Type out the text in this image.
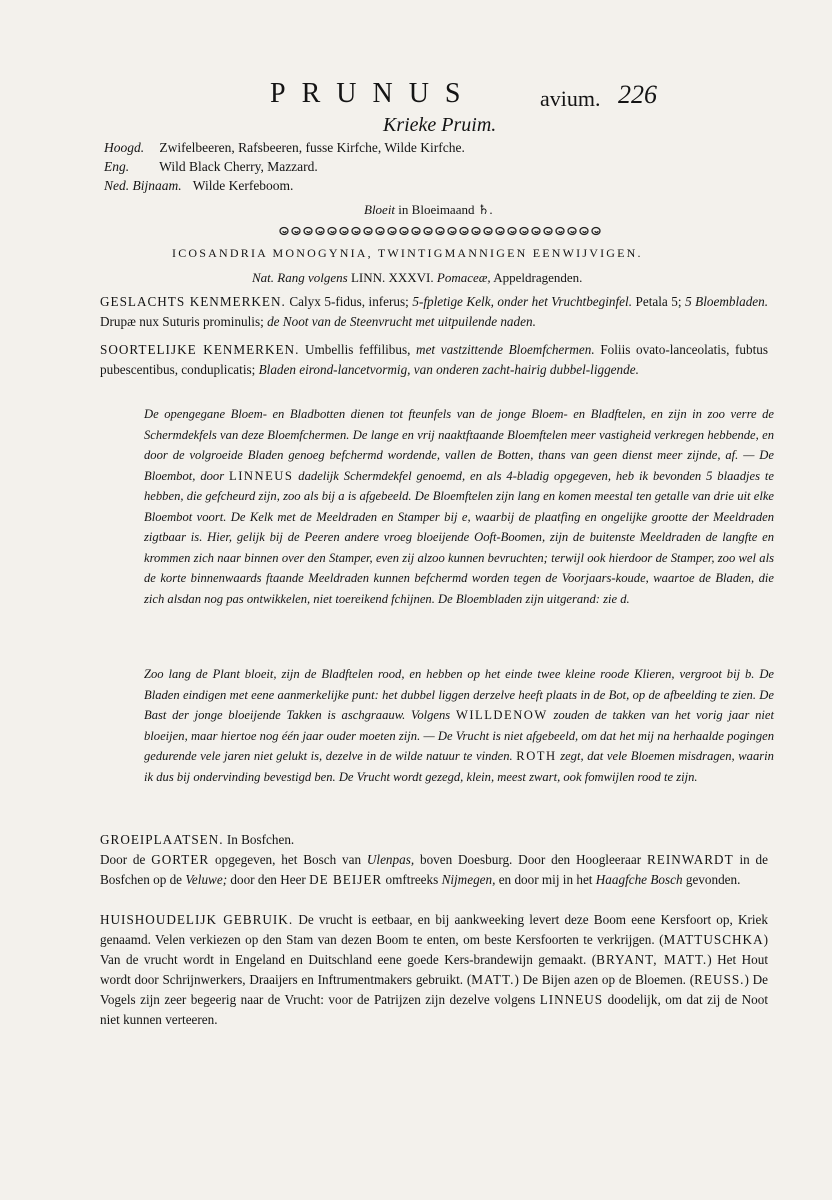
PRUNUS	avium. 226
Krieke Pruim.
Hoogd. Zwifelbeeren, Rafsbeeren, fusse Kirfche, Wilde Kirfche.
Eng. Wild Black Cherry, Mazzard.
Ned. Bijnaam. Wilde Kerfeboom.
Bloeit in Bloeimaand ♄.
ICOSANDRIA MONOGYNIA, TWINTIGMANNIGEN EENWIJVIGEN.
Nat. Rang volgens LINN. XXXVI. Pomaceæ, Appeldragenden.

GESLACHTS KENMERKEN. Calyx 5-fidus, inferus; 5-fpletige Kelk, onder het Vruchtbeginfel. Petala 5; 5 Bloembladen. Drupæ nux Suturis prominulis; de Noot van de Steenvrucht met uitpuilende naden.

SOORTELIJKE KENMERKEN. Umbellis feffilibus, met vastzittende Bloemfchermen. Foliis ovato-lanceolatis, fubtus pubescentibus, conduplicatis; Bladen eirond-lancetvormig, van onderen zacht-hairig dubbel-liggende.

De opengegane Bloem- en Bladbotten dienen tot fteunfels van de jonge Bloem- en Bladftelen, en zijn in zoo verre de Schermdekfels van deze Bloemfchermen. De lange en vrij naaktftaande Bloemftelen meer vastigheid verkregen hebbende, en door de volgroeide Bladen genoeg befchermd wordende, vallen de Botten, thans van geen dienst meer zijnde, af. — De Bloembot, door LINNEUS dadelijk Schermdekfel genoemd, en als 4-bladig opgegeven, heb ik bevonden 5 blaadjes te hebben, die gefcheurd zijn, zoo als bij a is afgebeeld. De Bloemftelen zijn lang en komen meestal ten getalle van drie uit elke Bloembot voort. De Kelk met de Meeldraden en Stamper bij e, waarbij de plaatfing en ongelijke grootte der Meeldraden zigtbaar is. Hier, gelijk bij de Peeren andere vroeg bloeijende Ooft-Boomen, zijn de buitenste Meeldraden de langfte en krommen zich naar binnen over den Stamper, even zij alzoo kunnen bevruchten; terwijl ook hierdoor de Stamper, zoo wel als de korte binnenwaards ftaande Meeldraden kunnen befchermd worden tegen de Voorjaars-koude, waartoe de Bladen, die zich alsdan nog pas ontwikkelen, niet toereikend fchijnen. De Bloembladen zijn uitgerand: zie d.

Zoo lang de Plant bloeit, zijn de Bladftelen rood, en hebben op het einde twee kleine roode Klieren, vergroot bij b. De Bladen eindigen met eene aanmerkelijke punt: het dubbel liggen derzelve heeft plaats in de Bot, op de afbeelding te zien. De Bast der jonge bloeijende Takken is aschgraauw. Volgens WILLDENOW zouden de takken van het vorig jaar niet bloeijen, maar hiertoe nog één jaar ouder moeten zijn. — De Vrucht is niet afgebeeld, om dat het mij na herhaalde pogingen gedurende vele jaren niet gelukt is, dezelve in de wilde natuur te vinden. ROTH zegt, dat vele Bloemen misdragen, waarin ik dus bij ondervinding bevestigd ben. De Vrucht wordt gezegd, klein, meest zwart, ook fomwijlen rood te zijn.

GROEIPLAATSEN. In Bosfchen.

Door de GORTER opgegeven, het Bosch van Ulenpas, boven Doesburg. Door den Hoogleeraar REINWARDT in de Bosfchen op de Veluwe; door den Heer DE BEIJER omftreeks Nijmegen, en door mij in het Haagfche Bosch gevonden.

HUISHOUDELIJK GEBRUIK. De vrucht is eetbaar, en bij aankweeking levert deze Boom eene Kersfoort op, Kriek genaamd. Velen verkiezen op den Stam van dezen Boom te enten, om beste Kersfoorten te verkrijgen. (MATTUSCHKA) Van de vrucht wordt in Engeland en Duitschland eene goede Kers-brandewijn gemaakt. (BRYANT, MATT.) Het Hout wordt door Schrijnwerkers, Draaijers en Inftrumentmakers gebruikt. (MATT.) De Bijen azen op de Bloemen. (REUSS.) De Vogels zijn zeer begeerig naar de Vrucht: voor de Patrijzen zijn dezelve volgens LINNEUS doodelijk, om dat zij de Noot niet kunnen verteeren.
